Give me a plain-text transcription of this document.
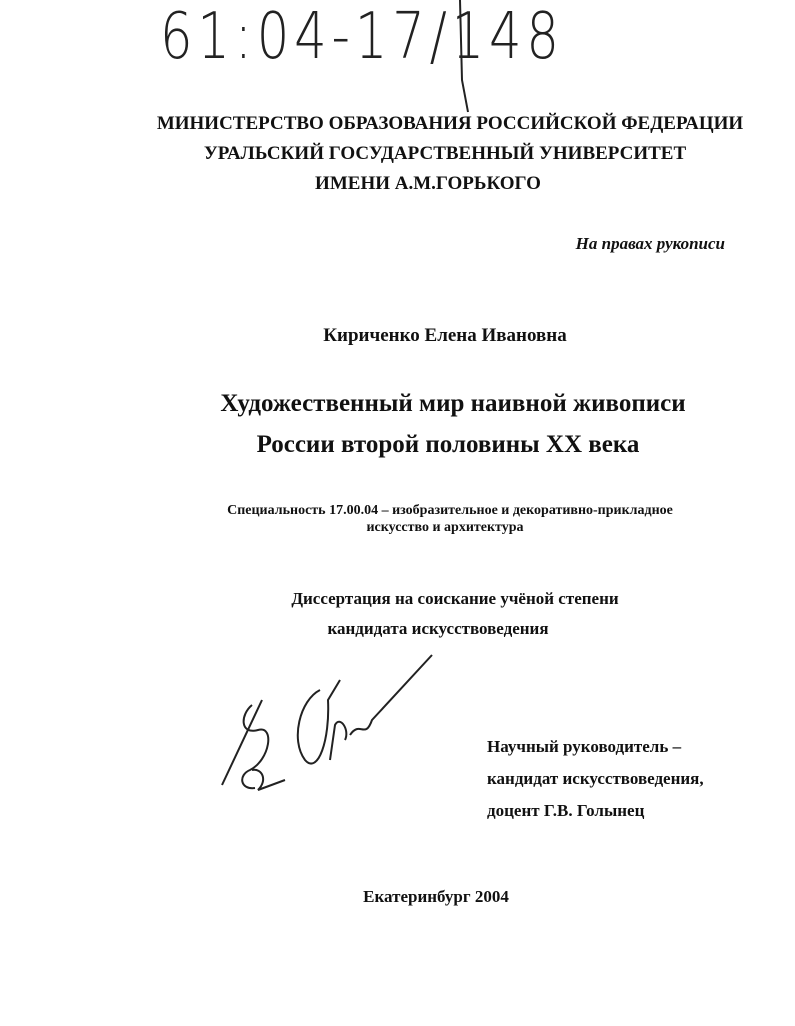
61:04-17/148
МИНИСТЕРСТВО ОБРАЗОВАНИЯ РОССИЙСКОЙ ФЕДЕРАЦИИ
УРАЛЬСКИЙ ГОСУДАРСТВЕННЫЙ УНИВЕРСИТЕТ
ИМЕНИ А.М.ГОРЬКОГО
На правах рукописи
Кириченко Елена Ивановна
Художественный мир наивной живописи
России второй половины XX века
Специальность 17.00.04 – изобразительное и декоративно-прикладное
искусство и архитектура
Диссертация на соискание учёной степени
кандидата искусствоведения
Научный руководитель –
кандидат искусствоведения,
доцент Г.В. Голынец
Екатеринбург 2004
